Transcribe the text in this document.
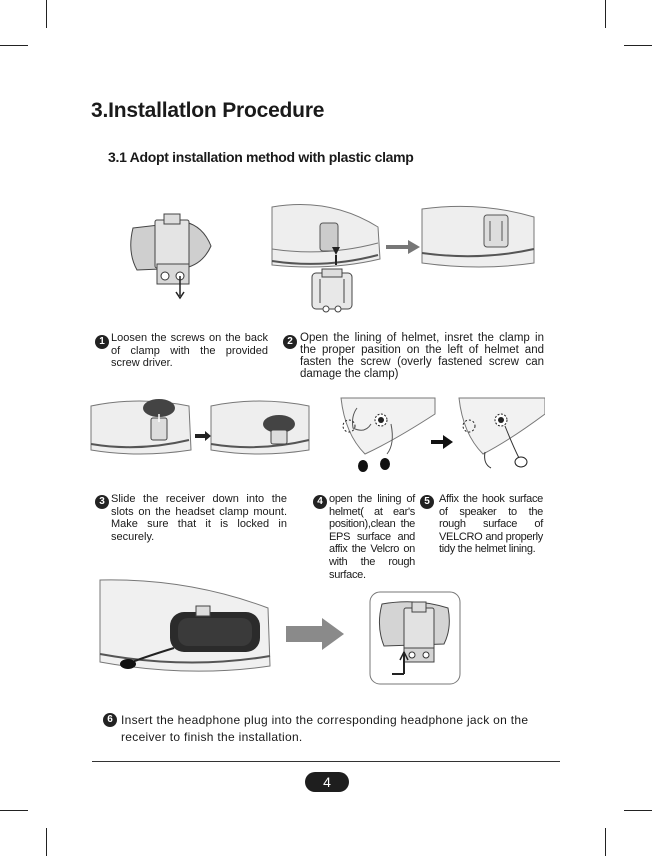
3.Installatlon Procedure
3.1 Adopt installation method with plastic clamp
1 Loosen the screws on the back of clamp with the provided screw driver.
2 Open the lining of helmet, insret the clamp in the proper pasition on the left of helmet and fasten the screw (overly fastened screw can damage the clamp)
3 Slide the receiver down into the slots on the headset clamp mount. Make sure that it is locked in securely.
4 open the lining of helmet( at ear's position),clean the EPS surface and affix the Velcro on with the rough surface.
5 Affix the hook surface of speaker to the rough surface of VELCRO and properly tidy the helmet lining.
6 Insert the headphone plug into the corresponding headphone jack on the receiver to finish the installation.
4
